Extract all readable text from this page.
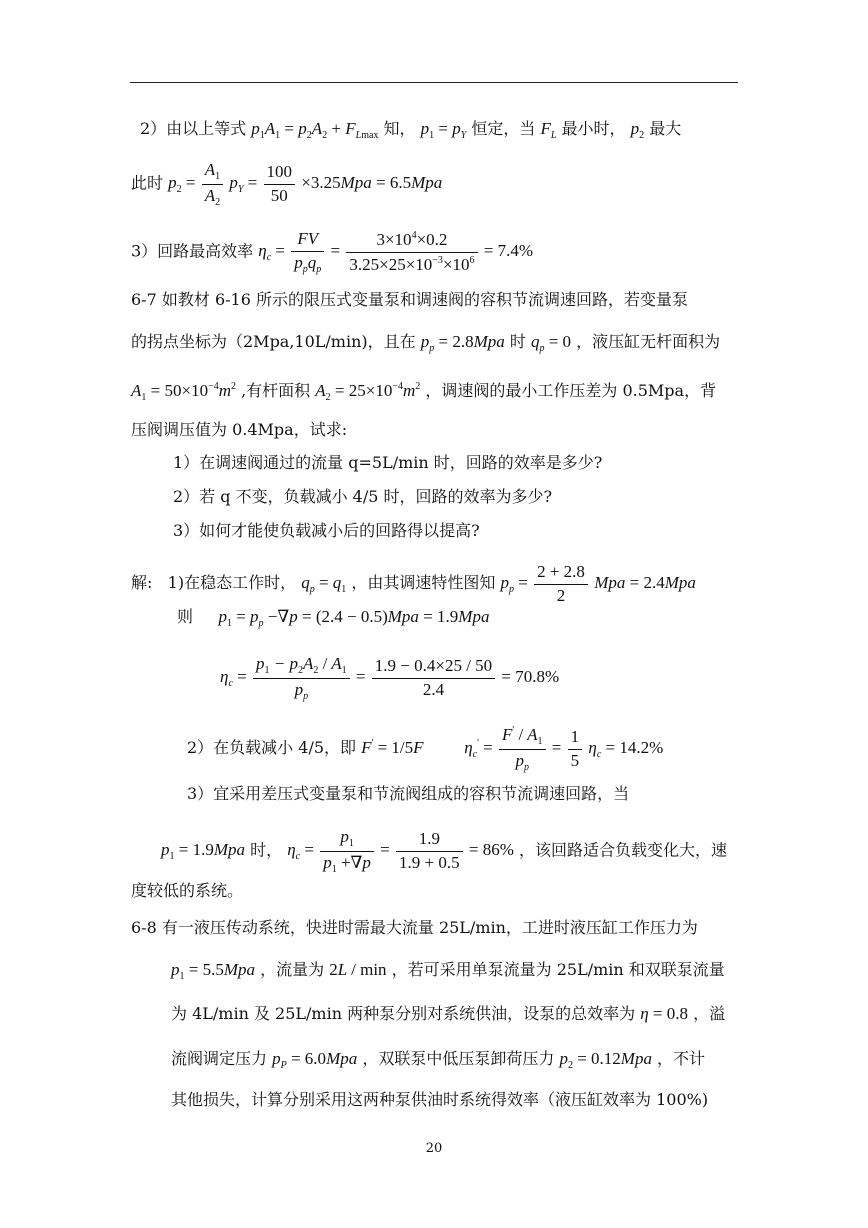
2）由以上等式 $p_1A_1 = p_2A_2 + F_{Lmax}$ 知， $p_1 = p_Y$ 恒定，当 $F_L$ 最小时， $p_2$ 最大
此时 $p_2 = \frac{A_1}{A_2} p_Y = \frac{100}{50} \times 3.25Mpa = 6.5Mpa$
3）回路最高效率 $\eta_c = \frac{FV}{p_pq_p} = \frac{3\times 10^4\times 0.2}{3.25\times 25\times 10^{-3}\times 10^6} = 7.4\%$
6-7 如教材 6-16 所示的限压式变量泵和调速阀的容积节流调速回路，若变量泵
的拐点坐标为（2Mpa,10L/min)，且在 $p_p = 2.8Mpa$ 时 $q_p = 0$ ，液压缸无杆面积为
$A_1 = 50\times 10^{-4}m^2$ ,有杆面积 $A_2 = 25\times 10^{-4}m^2$ ，调速阀的最小工作压差为 0.5Mpa，背
压阀调压值为 0.4Mpa，试求:
1）在调速阀通过的流量 q=5L/min 时，回路的效率是多少?
2）若 q 不变，负载减小 4/5 时，回路的效率为多少?
3）如何才能使负载减小后的回路得以提高?
解: 1)在稳态工作时， $q_p = q_1$ ，由其调速特性图知 $p_p = \frac{2 + 2.8}{2}$ Mpa = 2.4Mpa
则 $p_1 = p_p -\nabla p = (2.4 - 0.5)Mpa = 1.9Mpa$
$\eta_c = \frac{p_1 - p_2A_2 / A_1}{p_p} = \frac{1.9 - 0.4\times 25 / 50}{2.4} = 70.8\%$
2）在负载减小 4/5，即 F' = 1/5F $\eta_c' = \frac{F' / A_1}{p_p} = \frac{1}{5} \eta_c = 14.2\%$
3）宜采用差压式变量泵和节流阀组成的容积节流调速回路，当
$p_1 = 1.9Mpa$ 时， $\eta_c = \frac{p_1}{p_1 +\nabla p} = \frac{1.9}{1.9 + 0.5} = 86\%$ ，该回路适合负载变化大，速
度较低的系统。
6-8 有一液压传动系统，快进时需最大流量 25L/min，工进时液压缸工作压力为
$p_1 = 5.5Mpa$ ，流量为 2L / min ，若可采用单泵流量为 25L/min 和双联泵流量
为 4L/min 及 25L/min 两种泵分别对系统供油，设泵的总效率为 η = 0.8 ，溢
流阀调定压力 $p_P = 6.0Mpa$ ，双联泵中低压泵卸荷压力 $p_2 = 0.12Mpa$ ，不计
其他损失，计算分别采用这两种泵供油时系统得效率（液压缸效率为 100%)
20
